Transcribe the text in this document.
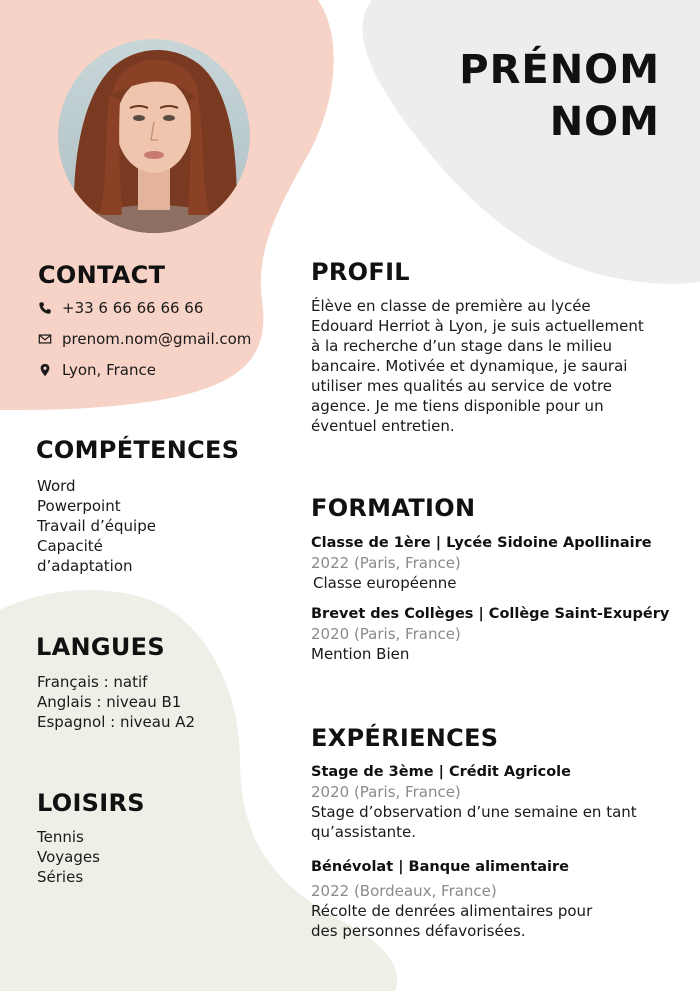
PRÉNOM
NOM
CONTACT
+33 6 66 66 66 66
prenom.nom@gmail.com
Lyon, France
COMPÉTENCES
Word
Powerpoint
Travail d’équipe
Capacité
d’adaptation
LANGUES
Français : natif
Anglais : niveau B1
Espagnol : niveau A2
LOISIRS
Tennis
Voyages
Séries
PROFIL
Élève en classe de première au lycée
Edouard Herriot à Lyon, je suis actuellement
à la recherche d’un stage dans le milieu
bancaire. Motivée et dynamique, je saurai
utiliser mes qualités au service de votre
agence. Je me tiens disponible pour un
éventuel entretien.
FORMATION
Classe de 1ère | Lycée Sidoine Apollinaire
2022 (Paris, France)
Classe européenne
Brevet des Collèges | Collège Saint-Exupéry
2020 (Paris, France)
Mention Bien
EXPÉRIENCES
Stage de 3ème | Crédit Agricole
2020 (Paris, France)
Stage d’observation d’une semaine en tant
qu’assistante.
Bénévolat | Banque alimentaire
2022 (Bordeaux, France)
Récolte de denrées alimentaires pour
des personnes défavorisées.
